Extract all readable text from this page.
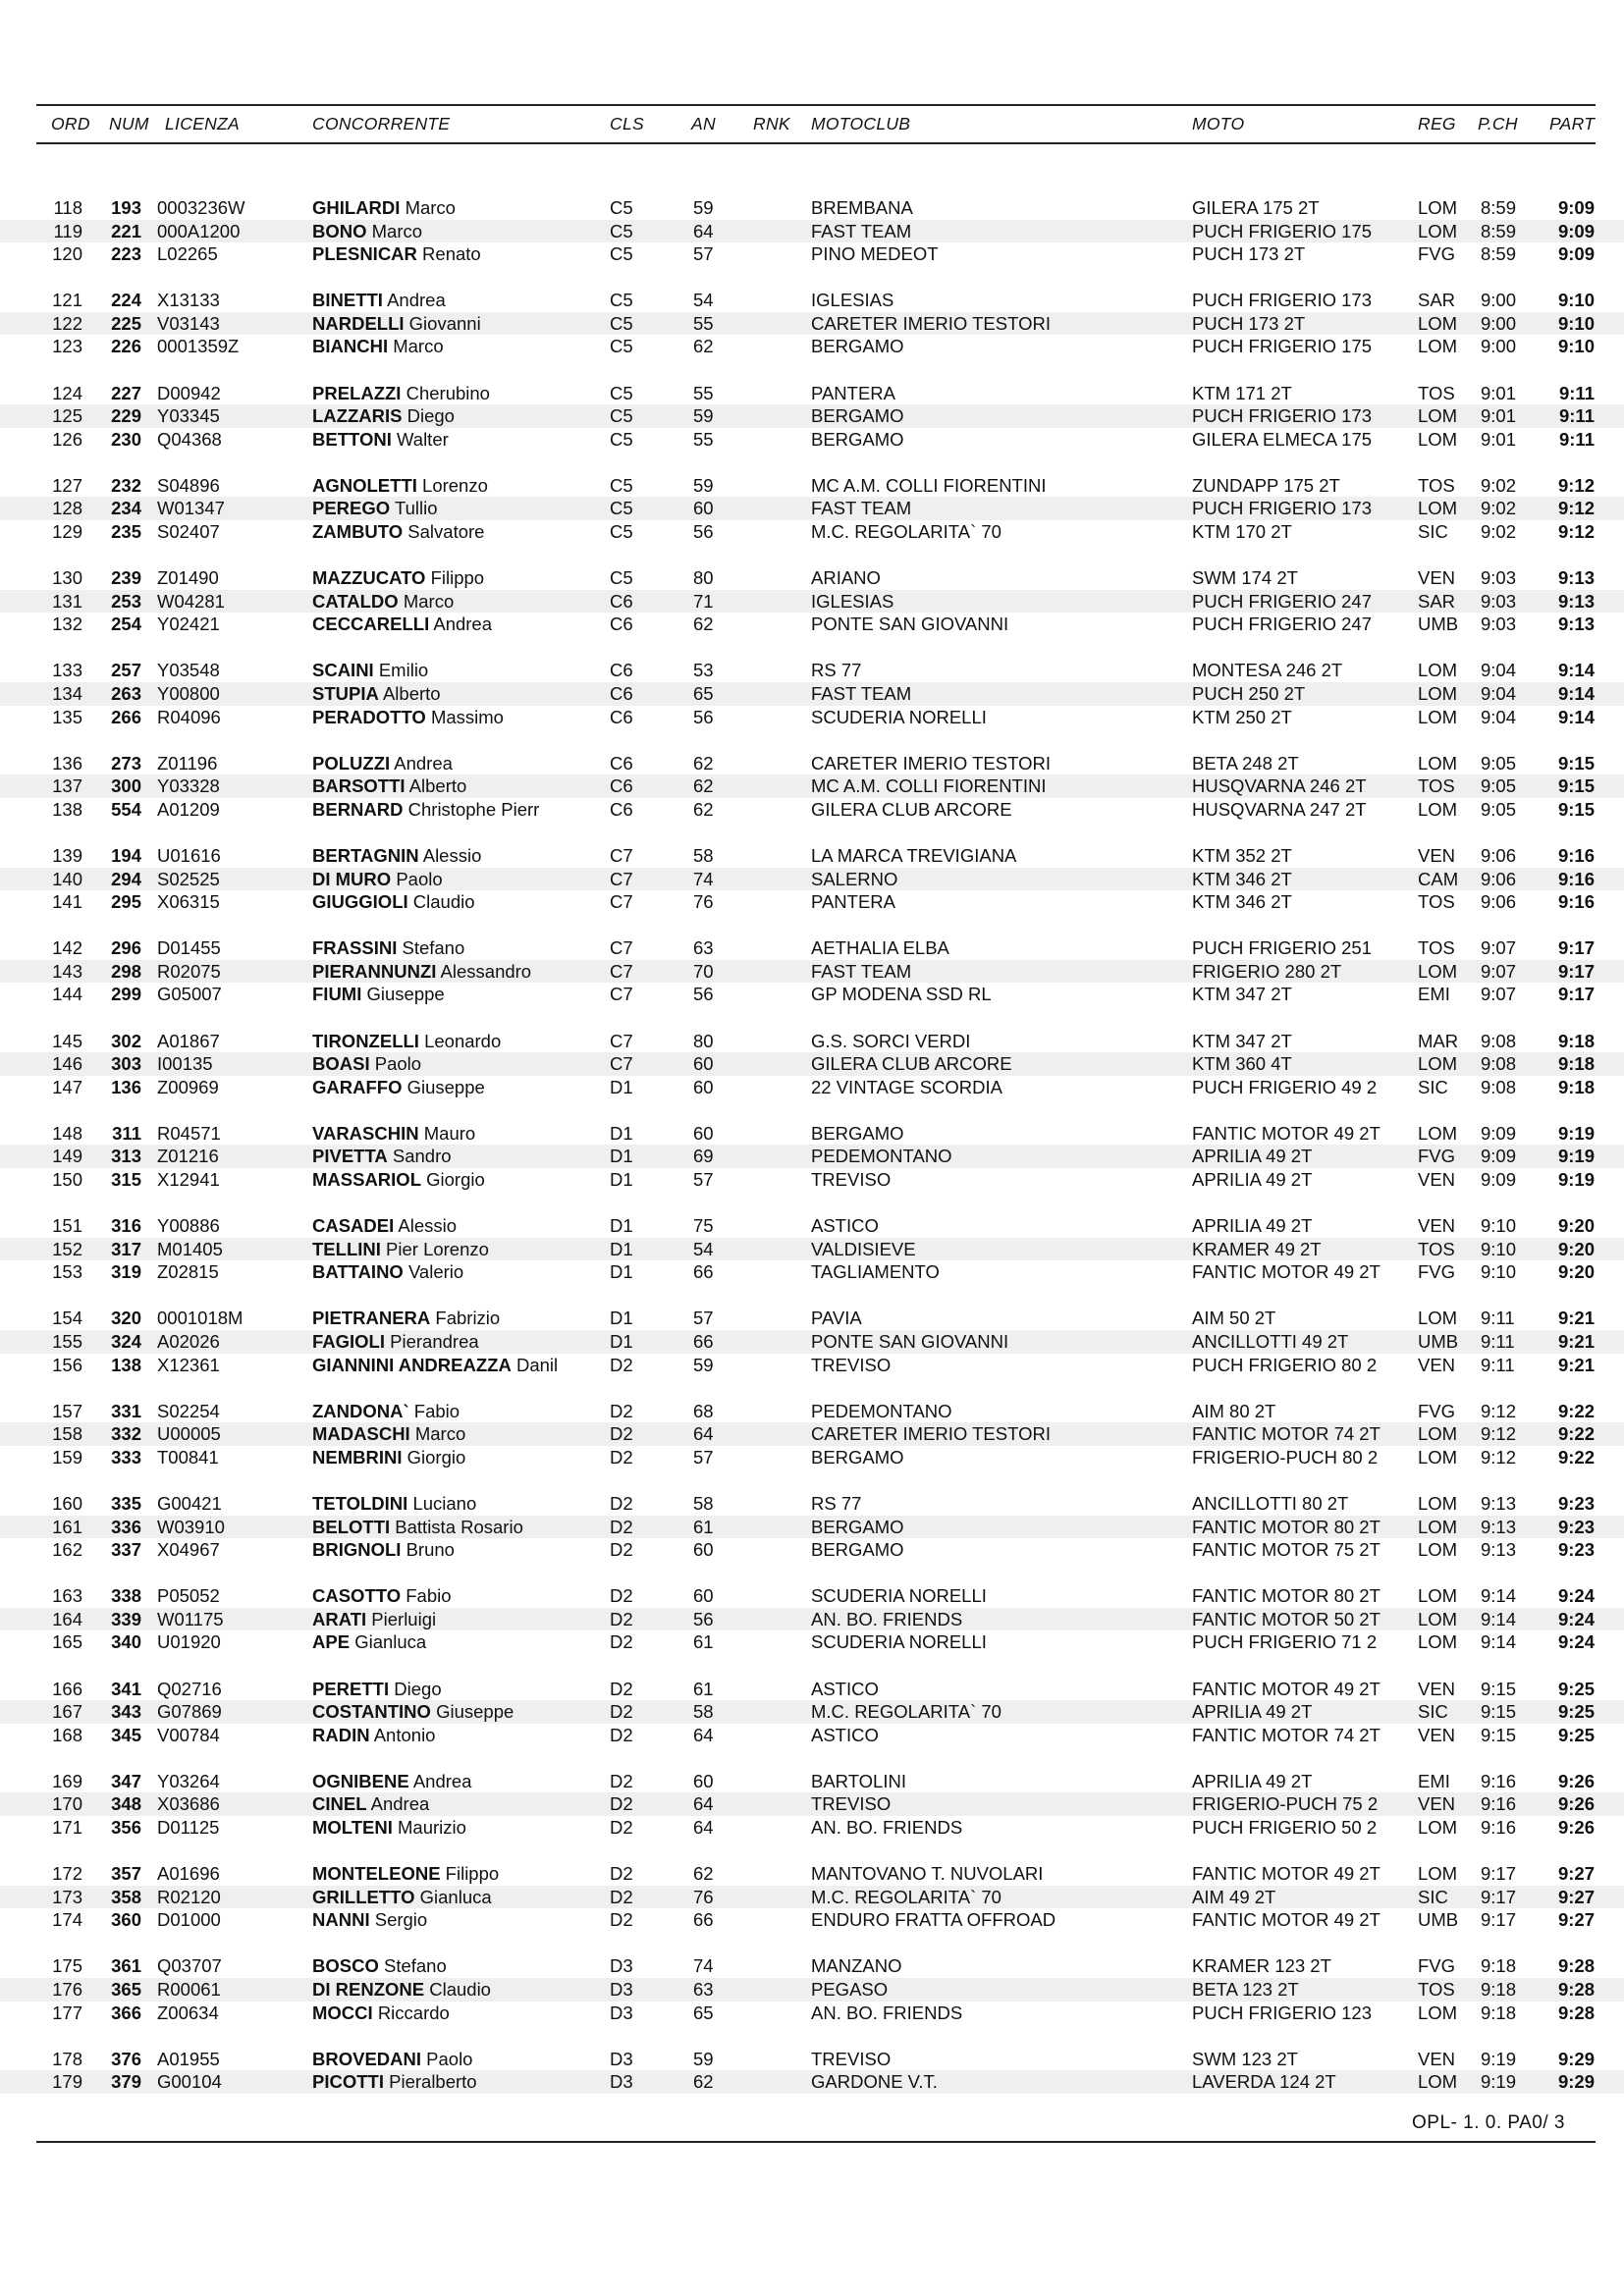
ORD NUM LICENZA	CONCORRENTE	CLS	AN RNK MOTOCLUB	MOTO	REG P.CH PART
118 193 0003236W	GHILARDI Marco	C5	59	BREMBANA	GILERA 175 2T	LOM 8:59 9:09
119 221 000A1200	BONO Marco	C5	64	FAST TEAM	PUCH FRIGERIO 175	LOM 8:59 9:09
120 223 L02265	PLESNICAR Renato	C5	57	PINO MEDEOT	PUCH 173 2T	FVG 8:59 9:09
121 224 X13133	BINETTI Andrea	C5	54	IGLESIAS	PUCH FRIGERIO 173	SAR 9:00 9:10
122 225 V03143	NARDELLI Giovanni	C5	55	CARETER IMERIO TESTORI	PUCH 173 2T	LOM 9:00 9:10
123 226 0001359Z	BIANCHI Marco	C5	62	BERGAMO	PUCH FRIGERIO 175	LOM 9:00 9:10
124 227 D00942	PRELAZZI Cherubino	C5	55	PANTERA	KTM 171 2T	TOS 9:01 9:11
125 229 Y03345	LAZZARIS Diego	C5	59	BERGAMO	PUCH FRIGERIO 173	LOM 9:01 9:11
126 230 Q04368	BETTONI Walter	C5	55	BERGAMO	GILERA ELMECA 175	LOM 9:01 9:11
127 232 S04896	AGNOLETTI Lorenzo	C5	59	MC A.M. COLLI FIORENTINI	ZUNDAPP 175 2T	TOS 9:02 9:12
128 234 W01347	PEREGO Tullio	C5	60	FAST TEAM	PUCH FRIGERIO 173	LOM 9:02 9:12
129 235 S02407	ZAMBUTO Salvatore	C5	56	M.C. REGOLARITA` 70	KTM 170 2T	SIC 9:02 9:12
130 239 Z01490	MAZZUCATO Filippo	C5	80	ARIANO	SWM 174 2T	VEN 9:03 9:13
131 253 W04281	CATALDO Marco	C6	71	IGLESIAS	PUCH FRIGERIO 247	SAR 9:03 9:13
132 254 Y02421	CECCARELLI Andrea	C6	62	PONTE SAN GIOVANNI	PUCH FRIGERIO 247	UMB 9:03 9:13
133 257 Y03548	SCAINI Emilio	C6	53	RS 77	MONTESA 246 2T	LOM 9:04 9:14
134 263 Y00800	STUPIA Alberto	C6	65	FAST TEAM	PUCH 250 2T	LOM 9:04 9:14
135 266 R04096	PERADOTTO Massimo	C6	56	SCUDERIA NORELLI	KTM 250 2T	LOM 9:04 9:14
136 273 Z01196	POLUZZI Andrea	C6	62	CARETER IMERIO TESTORI	BETA 248 2T	LOM 9:05 9:15
137 300 Y03328	BARSOTTI Alberto	C6	62	MC A.M. COLLI FIORENTINI	HUSQVARNA 246 2T	TOS 9:05 9:15
138 554 A01209	BERNARD Christophe Pierr	C6	62	GILERA CLUB ARCORE	HUSQVARNA 247 2T	LOM 9:05 9:15
139 194 U01616	BERTAGNIN Alessio	C7	58	LA MARCA TREVIGIANA	KTM 352 2T	VEN 9:06 9:16
140 294 S02525	DI MURO Paolo	C7	74	SALERNO	KTM 346 2T	CAM 9:06 9:16
141 295 X06315	GIUGGIOLI Claudio	C7	76	PANTERA	KTM 346 2T	TOS 9:06 9:16
142 296 D01455	FRASSINI Stefano	C7	63	AETHALIA ELBA	PUCH FRIGERIO 251	TOS 9:07 9:17
143 298 R02075	PIERANNUNZI Alessandro	C7	70	FAST TEAM	FRIGERIO 280 2T	LOM 9:07 9:17
144 299 G05007	FIUMI Giuseppe	C7	56	GP MODENA SSD RL	KTM 347 2T	EMI 9:07 9:17
145 302 A01867	TIRONZELLI Leonardo	C7	80	G.S. SORCI VERDI	KTM 347 2T	MAR 9:08 9:18
146 303 I00135	BOASI Paolo	C7	60	GILERA CLUB ARCORE	KTM 360 4T	LOM 9:08 9:18
147 136 Z00969	GARAFFO Giuseppe	D1	60	22 VINTAGE SCORDIA	PUCH FRIGERIO 49 2 SIC 9:08 9:18
148 311 R04571	VARASCHIN Mauro	D1	60	BERGAMO	FANTIC MOTOR 49 2T LOM 9:09 9:19
149 313 Z01216	PIVETTA Sandro	D1	69	PEDEMONTANO	APRILIA 49 2T	FVG 9:09 9:19
150 315 X12941	MASSARIOL Giorgio	D1	57	TREVISO	APRILIA 49 2T	VEN 9:09 9:19
151 316 Y00886	CASADEI Alessio	D1	75	ASTICO	APRILIA 49 2T	VEN 9:10 9:20
152 317 M01405	TELLINI Pier Lorenzo	D1	54	VALDISIEVE	KRAMER 49 2T	TOS 9:10 9:20
153 319 Z02815	BATTAINO Valerio	D1	66	TAGLIAMENTO	FANTIC MOTOR 49 2T FVG 9:10 9:20
154 320 0001018M	PIETRANERA Fabrizio	D1	57	PAVIA	AIM 50 2T	LOM 9:11 9:21
155 324 A02026	FAGIOLI Pierandrea	D1	66	PONTE SAN GIOVANNI	ANCILLOTTI 49 2T	UMB 9:11 9:21
156 138 X12361	GIANNINI ANDREAZZA Danil	D2	59	TREVISO	PUCH FRIGERIO 80 2 VEN 9:11 9:21
157 331 S02254	ZANDONA` Fabio	D2	68	PEDEMONTANO	AIM 80 2T	FVG 9:12 9:22
158 332 U00005	MADASCHI Marco	D2	64	CARETER IMERIO TESTORI	FANTIC MOTOR 74 2T LOM 9:12 9:22
159 333 T00841	NEMBRINI Giorgio	D2	57	BERGAMO	FRIGERIO-PUCH 80 2 LOM 9:12 9:22
160 335 G00421	TETOLDINI Luciano	D2	58	RS 77	ANCILLOTTI 80 2T	LOM 9:13 9:23
161 336 W03910	BELOTTI Battista Rosario	D2	61	BERGAMO	FANTIC MOTOR 80 2T LOM 9:13 9:23
162 337 X04967	BRIGNOLI Bruno	D2	60	BERGAMO	FANTIC MOTOR 75 2T LOM 9:13 9:23
163 338 P05052	CASOTTO Fabio	D2	60	SCUDERIA NORELLI	FANTIC MOTOR 80 2T LOM 9:14 9:24
164 339 W01175	ARATI Pierluigi	D2	56	AN. BO. FRIENDS	FANTIC MOTOR 50 2T LOM 9:14 9:24
165 340 U01920	APE Gianluca	D2	61	SCUDERIA NORELLI	PUCH FRIGERIO 71 2 LOM 9:14 9:24
166 341 Q02716	PERETTI Diego	D2	61	ASTICO	FANTIC MOTOR 49 2T VEN 9:15 9:25
167 343 G07869	COSTANTINO Giuseppe	D2	58	M.C. REGOLARITA` 70	APRILIA 49 2T	SIC 9:15 9:25
168 345 V00784	RADIN Antonio	D2	64	ASTICO	FANTIC MOTOR 74 2T VEN 9:15 9:25
169 347 Y03264	OGNIBENE Andrea	D2	60	BARTOLINI	APRILIA 49 2T	EMI 9:16 9:26
170 348 X03686	CINEL Andrea	D2	64	TREVISO	FRIGERIO-PUCH 75 2 VEN 9:16 9:26
171 356 D01125	MOLTENI Maurizio	D2	64	AN. BO. FRIENDS	PUCH FRIGERIO 50 2 LOM 9:16 9:26
172 357 A01696	MONTELEONE Filippo	D2	62	MANTOVANO T. NUVOLARI	FANTIC MOTOR 49 2T LOM 9:17 9:27
173 358 R02120	GRILLETTO Gianluca	D2	76	M.C. REGOLARITA` 70	AIM 49 2T	SIC 9:17 9:27
174 360 D01000	NANNI Sergio	D2	66	ENDURO FRATTA OFFROAD	FANTIC MOTOR 49 2T UMB 9:17 9:27
175 361 Q03707	BOSCO Stefano	D3	74	MANZANO	KRAMER 123 2T	FVG 9:18 9:28
176 365 R00061	DI RENZONE Claudio	D3	63	PEGASO	BETA 123 2T	TOS 9:18 9:28
177 366 Z00634	MOCCI Riccardo	D3	65	AN. BO. FRIENDS	PUCH FRIGERIO 123	LOM 9:18 9:28
178 376 A01955	BROVEDANI Paolo	D3	59	TREVISO	SWM 123 2T	VEN 9:19 9:29
179 379 G00104	PICOTTI Pieralberto	D3	62	GARDONE V.T.	LAVERDA 124 2T	LOM 9:19 9:29
OPL- 1. 0. PA0/ 3
